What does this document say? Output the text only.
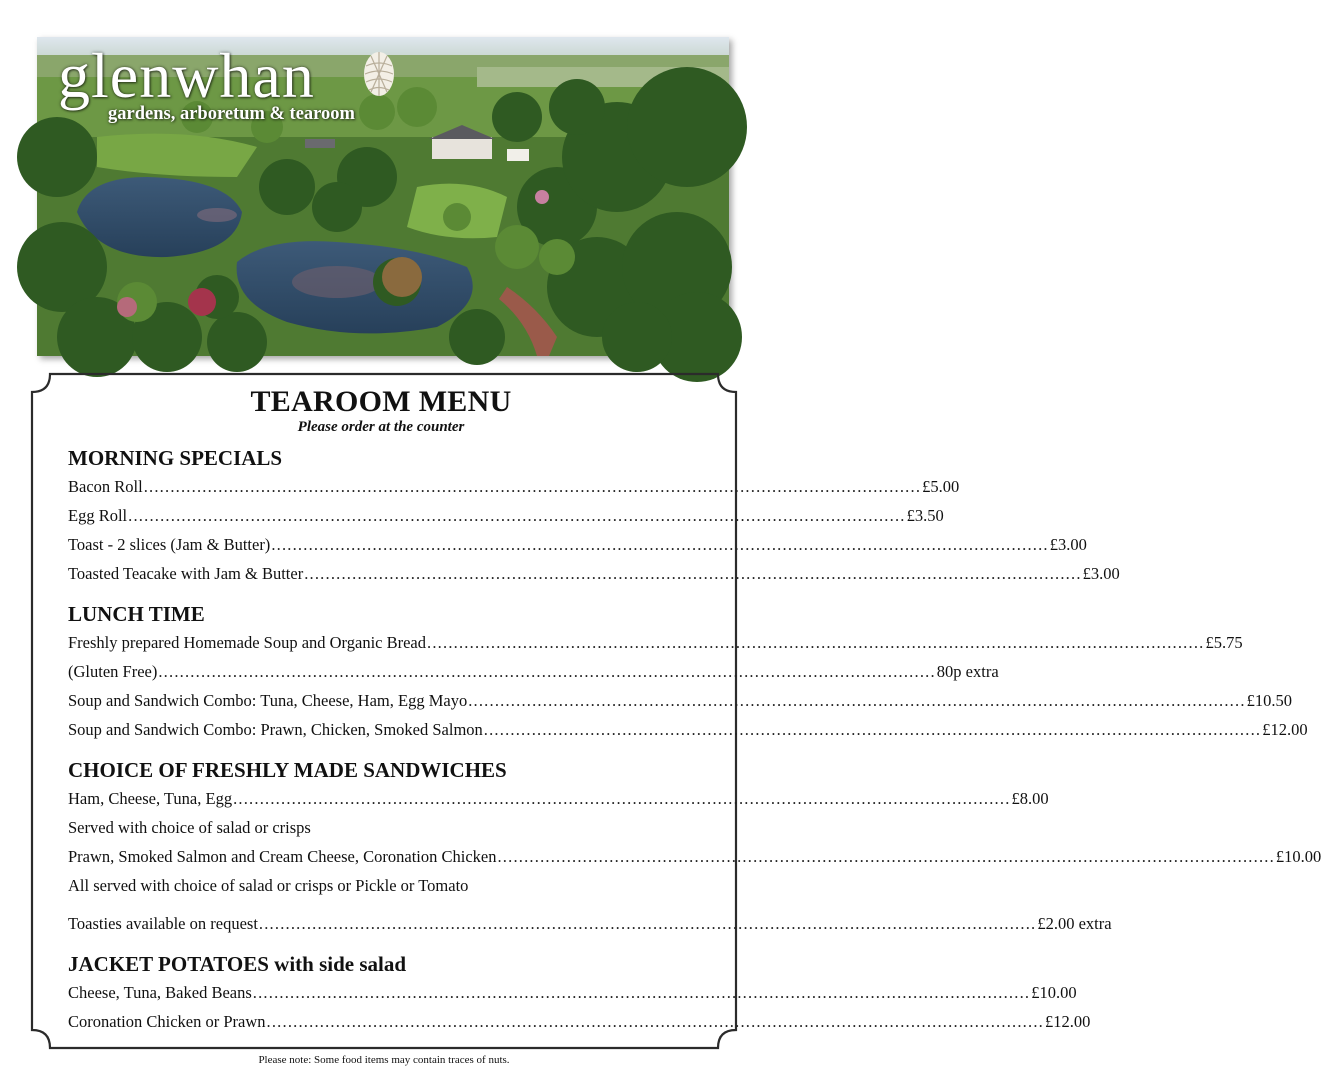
glenwhan
gardens, arboretum & tearoom
TEAROOM MENU
Please order at the counter
MORNING SPECIALS
Bacon Roll .................................................................................................................................................. £5.00
Egg Roll .................................................................................................................................................. £3.50
Toast - 2 slices (Jam & Butter) .................................................................................................................................................. £3.00
Toasted Teacake with Jam & Butter .................................................................................................................................................. £3.00
LUNCH TIME
Freshly prepared Homemade Soup and Organic Bread .................................................................................................................................................. £5.75
(Gluten Free) .................................................................................................................................................. 80p extra
Soup and Sandwich Combo: Tuna, Cheese, Ham, Egg Mayo .................................................................................................................................................. £10.50
Soup and Sandwich Combo: Prawn, Chicken, Smoked Salmon .................................................................................................................................................. £12.00
CHOICE OF FRESHLY MADE SANDWICHES
Ham, Cheese, Tuna, Egg .................................................................................................................................................. £8.00
Served with choice of salad or crisps
Prawn, Smoked Salmon and Cream Cheese, Coronation Chicken .................................................................................................................................................. £10.00
All served with choice of salad or crisps or Pickle or Tomato
Toasties available on request .................................................................................................................................................. £2.00 extra
JACKET POTATOES with side salad
Cheese, Tuna, Baked Beans .................................................................................................................................................. £10.00
Coronation Chicken or Prawn .................................................................................................................................................. £12.00
Please note: Some food items may contain traces of nuts.
